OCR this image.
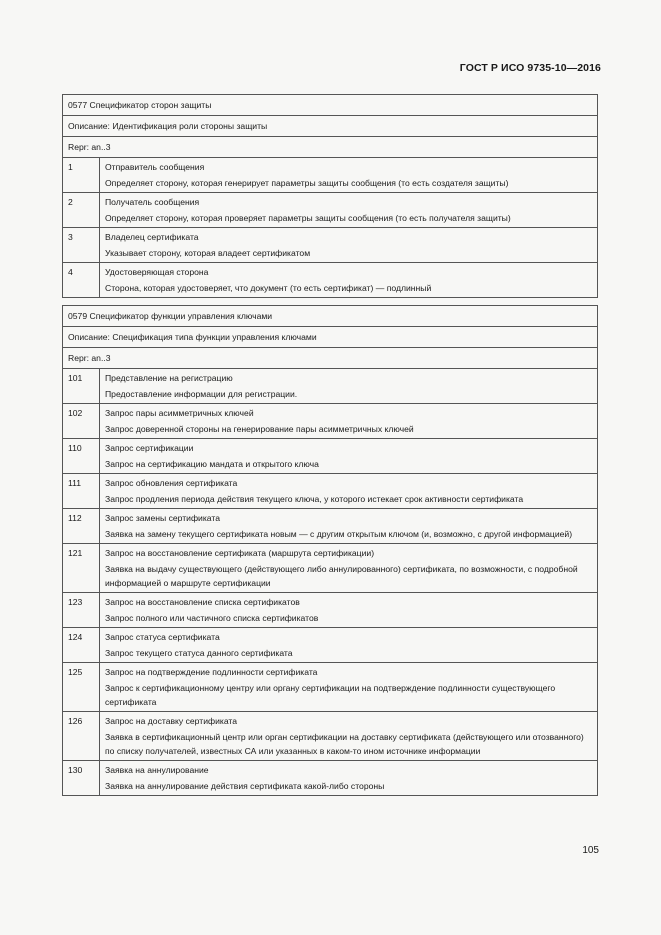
ГОСТ Р ИСО 9735-10—2016
0577 Спецификатор сторон защиты	
Описание: Идентификация роли стороны защиты	
Repr: an..3	
1	Отправитель сообщения
Определяет сторону, которая генерирует параметры защиты сообщения (то есть создателя защиты)

2	Получатель сообщения
Определяет сторону, которая проверяет параметры защиты сообщения (то есть получателя защиты)

3	Владелец сертификата
Указывает сторону, которая владеет сертификатом

4	Удостоверяющая сторона
Сторона, которая удостоверяет, что документ (то есть сертификат) — подлинный
0579 Спецификатор функции управления ключами	
Описание: Спецификация типа функции управления ключами	
Repr: an..3	
101	Представление на регистрацию
Предоставление информации для регистрации.

102	Запрос пары асимметричных ключей
Запрос доверенной стороны на генерирование пары асимметричных ключей

110	Запрос сертификации
Запрос на сертификацию мандата и открытого ключа

111	Запрос обновления сертификата
Запрос продления периода действия текущего ключа, у которого истекает срок активности сертификата

112	Запрос замены сертификата
Заявка на замену текущего сертификата новым — с другим открытым ключом (и, возможно, с другой информацией)

121	Запрос на восстановление сертификата (маршрута сертификации)
Заявка на выдачу существующего (действующего либо аннулированного) сертификата, по возможности, с подробной информацией о маршруте сертификации

123	Запрос на восстановление списка сертификатов
Запрос полного или частичного списка сертификатов

124	Запрос статуса сертификата
Запрос текущего статуса данного сертификата

125	Запрос на подтверждение подлинности сертификата
Запрос к сертификационному центру или органу сертификации на подтверждение подлинности существующего сертификата

126	Запрос на доставку сертификата
Заявка в сертификационный центр или орган сертификации на доставку сертификата (действующего или отозванного) по списку получателей, известных СА или указанных в каком-то ином источнике информации

130	Заявка на аннулирование
Заявка на аннулирование действия сертификата какой-либо стороны
105
